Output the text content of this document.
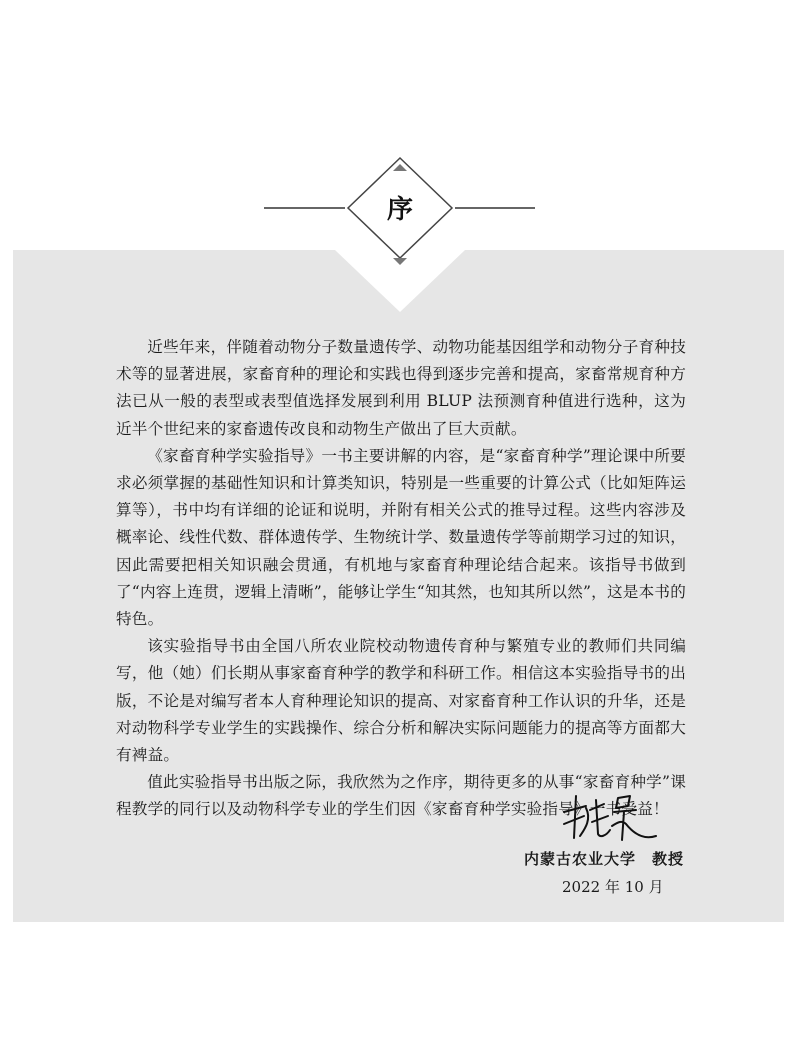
序

近些年来，伴随着动物分子数量遗传学、动物功能基因组学和动物分子育种技术等的显著进展，家畜育种的理论和实践也得到逐步完善和提高，家畜常规育种方法已从一般的表型或表型值选择发展到利用 BLUP 法预测育种值进行选种，这为近半个世纪来的家畜遗传改良和动物生产做出了巨大贡献。

《家畜育种学实验指导》一书主要讲解的内容，是“家畜育种学”理论课中所要求必须掌握的基础性知识和计算类知识，特别是一些重要的计算公式（比如矩阵运算等），书中均有详细的论证和说明，并附有相关公式的推导过程。这些内容涉及概率论、线性代数、群体遗传学、生物统计学、数量遗传学等前期学习过的知识，因此需要把相关知识融会贯通，有机地与家畜育种理论结合起来。该指导书做到了“内容上连贯，逻辑上清晰”，能够让学生“知其然，也知其所以然”，这是本书的特色。

该实验指导书由全国八所农业院校动物遗传育种与繁殖专业的教师们共同编写，他（她）们长期从事家畜育种学的教学和科研工作。相信这本实验指导书的出版，不论是对编写者本人育种理论知识的提高、对家畜育种工作认识的升华，还是对动物科学专业学生的实践操作、综合分析和解决实际问题能力的提高等方面都大有裨益。

值此实验指导书出版之际，我欣然为之作序，期待更多的从事“家畜育种学”课程教学的同行以及动物科学专业的学生们因《家畜育种学实验指导》一书受益！

内蒙古农业大学　教授
2022 年 10 月
